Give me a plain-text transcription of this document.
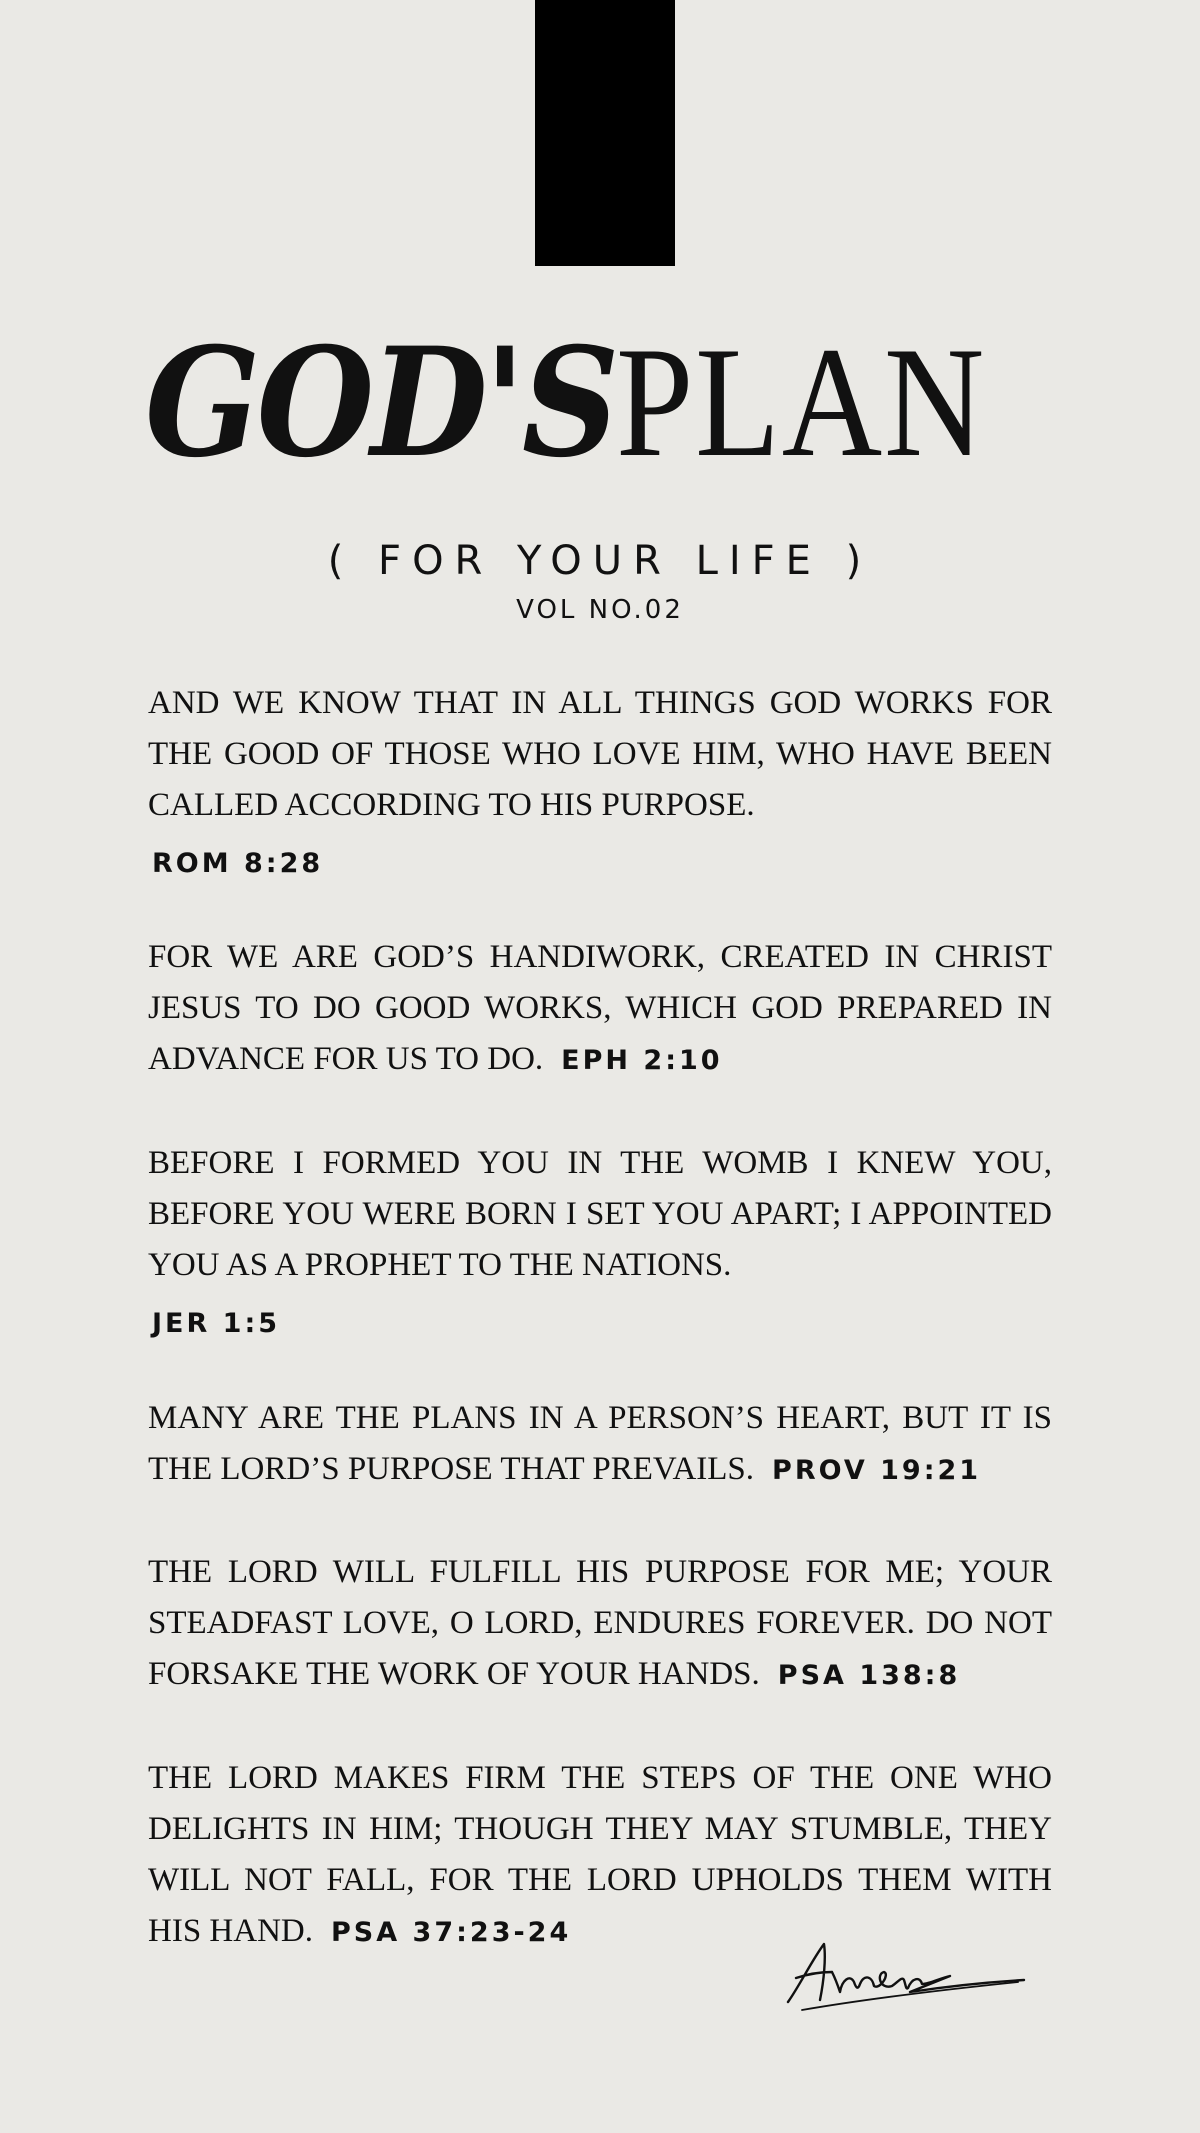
GOD'SPLAN
( FOR YOUR LIFE )
VOL NO.02

AND WE KNOW THAT IN ALL THINGS GOD WORKS FOR THE GOOD OF THOSE WHO LOVE HIM, WHO HAVE BEEN CALLED ACCORDING TO HIS PURPOSE.

ROM 8:28

FOR WE ARE GOD’S HANDIWORK, CREATED IN CHRIST JESUS TO DO GOOD WORKS, WHICH GOD PREPARED IN ADVANCE FOR US TO DO. EPH 2:10

BEFORE I FORMED YOU IN THE WOMB I KNEW YOU, BEFORE YOU WERE BORN I SET YOU APART; I APPOINTED YOU AS A PROPHET TO THE NATIONS.

JER 1:5

MANY ARE THE PLANS IN A PERSON’S HEART, BUT IT IS THE LORD’S PURPOSE THAT PREVAILS. PROV 19:21

THE LORD WILL FULFILL HIS PURPOSE FOR ME; YOUR STEADFAST LOVE, O LORD, ENDURES FOREVER. DO NOT FORSAKE THE WORK OF YOUR HANDS. PSA 138:8

THE LORD MAKES FIRM THE STEPS OF THE ONE WHO DELIGHTS IN HIM; THOUGH THEY MAY STUMBLE, THEY WILL NOT FALL, FOR THE LORD UPHOLDS THEM WITH HIS HAND. PSA 37:23-24
